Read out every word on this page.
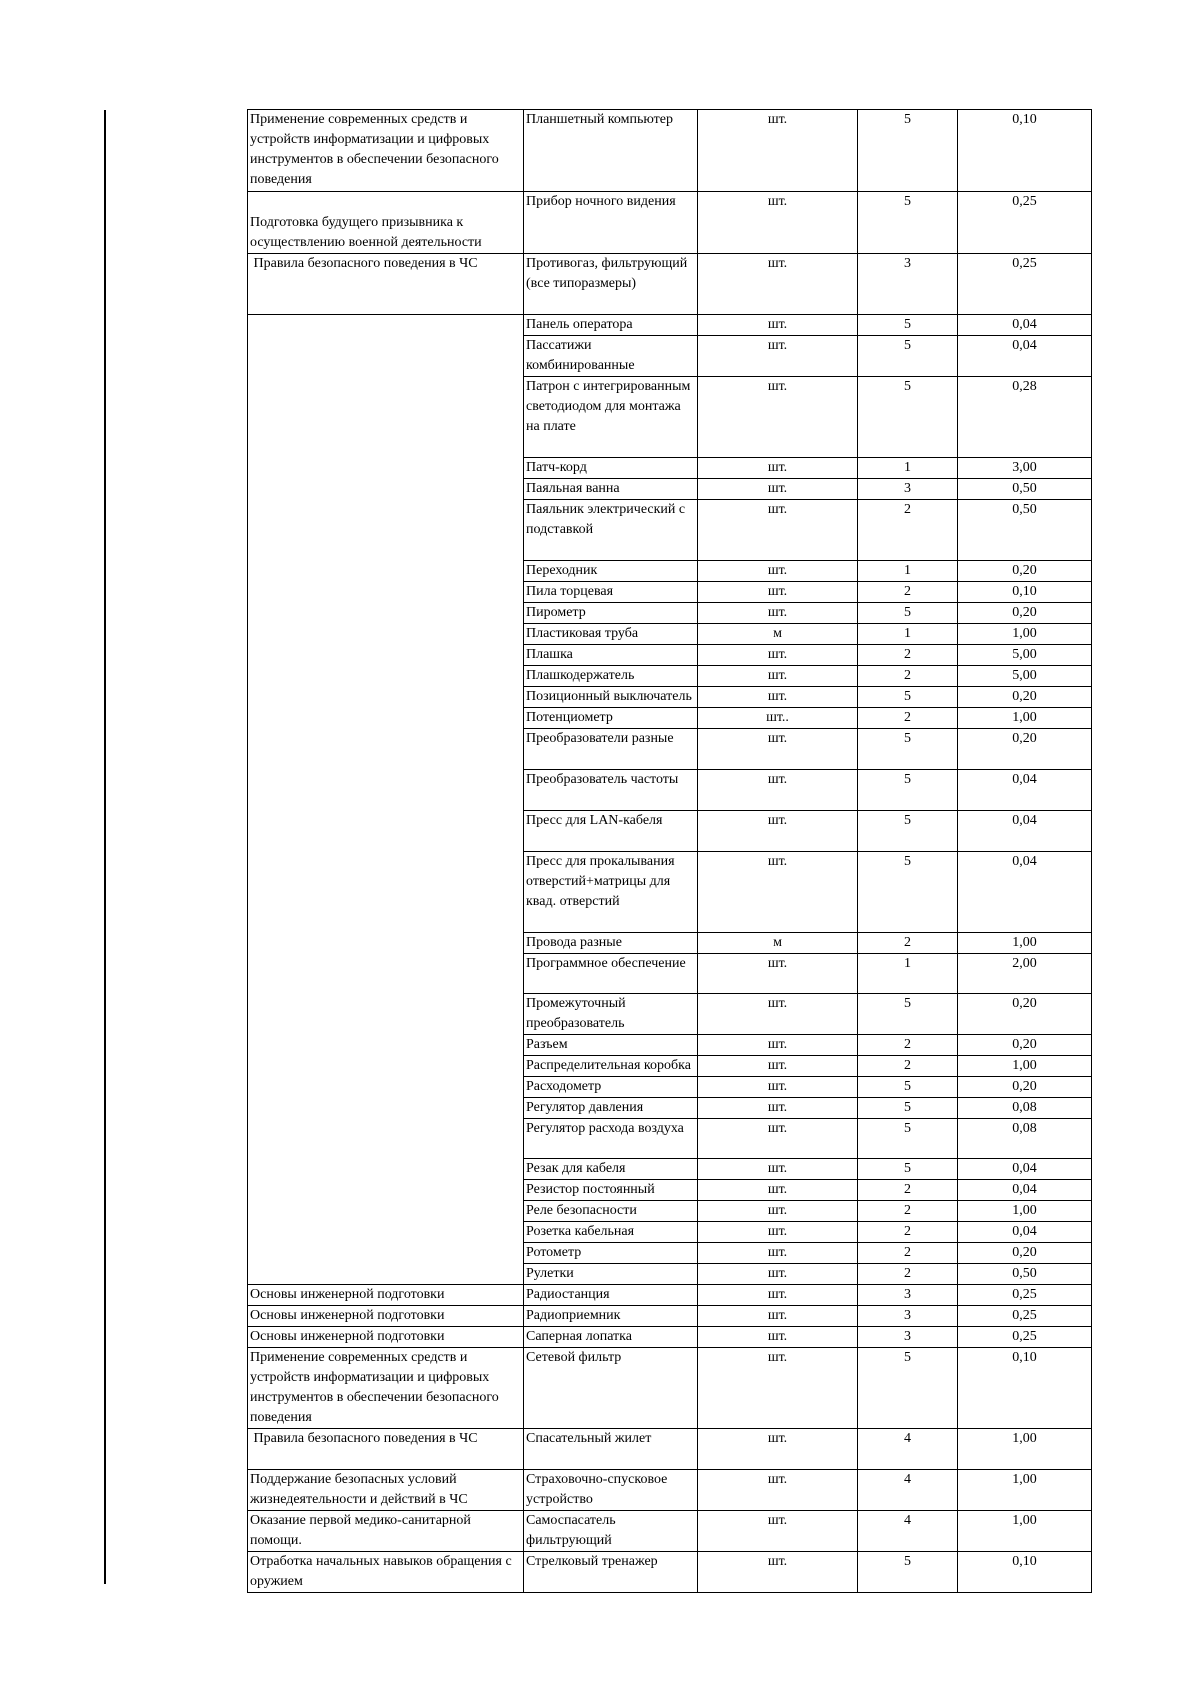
Применение современных средств и устройств информатизации и цифровых инструментов в обеспечении безопасного поведения	Планшетный компьютер	шт.	5	0,10
Подготовка будущего призывника к осуществлению военной деятельности	Прибор ночного видения	шт.	5	0,25
Правила безопасного поведения в ЧС	Противогаз, фильтрующий (все типоразмеры)	шт.	3	0,25
	Панель оператора	шт.	5	0,04
	Пассатижи комбинированные	шт.	5	0,04
	Патрон с интегрированным светодиодом для монтажа на плате	шт.	5	0,28
	Патч-корд	шт.	1	3,00
	Паяльная ванна	шт.	3	0,50
	Паяльник электрический с подставкой	шт.	2	0,50
	Переходник	шт.	1	0,20
	Пила торцевая	шт.	2	0,10
	Пирометр	шт.	5	0,20
	Пластиковая труба	м	1	1,00
	Плашка	шт.	2	5,00
	Плашкодержатель	шт.	2	5,00
	Позиционный выключатель	шт.	5	0,20
	Потенциометр	шт..	2	1,00
	Преобразователи разные	шт.	5	0,20
	Преобразователь частоты	шт.	5	0,04
	Пресс для LAN-кабеля	шт.	5	0,04
	Пресс для прокалывания отверстий+матрицы для квад. отверстий	шт.	5	0,04
	Провода разные	м	2	1,00
	Программное обеспечение	шт.	1	2,00
	Промежуточный преобразователь	шт.	5	0,20
	Разъем	шт.	2	0,20
	Распределительная коробка	шт.	2	1,00
	Расходометр	шт.	5	0,20
	Регулятор давления	шт.	5	0,08
	Регулятор расхода воздуха	шт.	5	0,08
	Резак для кабеля	шт.	5	0,04
	Резистор постоянный	шт.	2	0,04
	Реле безопасности	шт.	2	1,00
	Розетка кабельная	шт.	2	0,04
	Ротометр	шт.	2	0,20
	Рулетки	шт.	2	0,50
Основы инженерной подготовки	Радиостанция	шт.	3	0,25
Основы инженерной подготовки	Радиоприемник	шт.	3	0,25
Основы инженерной подготовки	Саперная лопатка	шт.	3	0,25
Применение современных средств и устройств информатизации и цифровых инструментов в обеспечении безопасного поведения	Сетевой фильтр	шт.	5	0,10
Правила безопасного поведения в ЧС	Спасательный жилет	шт.	4	1,00
Поддержание безопасных условий жизнедеятельности и действий в ЧС	Страховочно-спусковое устройство	шт.	4	1,00
Оказание первой медико-санитарной помощи.	Самоспасатель фильтрующий	шт.	4	1,00
Отработка начальных навыков обращения с оружием	Стрелковый тренажер	шт.	5	0,10
